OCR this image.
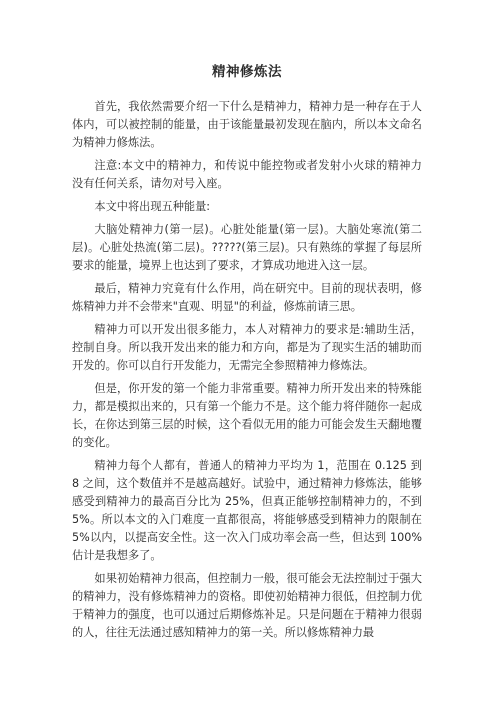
精神修炼法

首先，我依然需要介绍一下什么是精神力，精神力是一种存在于人体内，可以被控制的能量，由于该能量最初发现在脑内，所以本文命名为精神力修炼法。

注意:本文中的精神力，和传说中能控物或者发射小火球的精神力没有任何关系，请勿对号入座。

本文中将出现五种能量:

大脑处精神力(第一层)。心脏处能量(第一层)。大脑处寒流(第二层)。心脏处热流(第二层)。?????(第三层)。只有熟练的掌握了每层所要求的能量，境界上也达到了要求，才算成功地进入这一层。

最后，精神力究竟有什么作用，尚在研究中。目前的现状表明，修炼精神力并不会带来"直观、明显"的利益，修炼前请三思。

精神力可以开发出很多能力，本人对精神力的要求是:辅助生活，控制自身。所以我开发出来的能力和方向，都是为了现实生活的辅助而开发的。你可以自行开发能力，无需完全参照精神力修炼法。

但是，你开发的第一个能力非常重要。精神力所开发出来的特殊能力，都是模拟出来的，只有第一个能力不是。这个能力将伴随你一起成长，在你达到第三层的时候，这个看似无用的能力可能会发生天翻地覆的变化。

精神力每个人都有，普通人的精神力平均为 1，范围在 0.125 到 8 之间，这个数值并不是越高越好。试验中，通过精神力修炼法，能够感受到精神力的最高百分比为 25%，但真正能够控制精神力的，不到 5%。所以本文的入门难度一直都很高，将能够感受到精神力的限制在 5%以内，以提高安全性。这一次入门成功率会高一些，但达到 100% 估计是我想多了。

如果初始精神力很高，但控制力一般，很可能会无法控制过于强大的精神力，没有修炼精神力的资格。即使初始精神力很低，但控制力优于精神力的强度，也可以通过后期修炼补足。只是问题在于精神力很弱的人，往往无法通过感知精神力的第一关。所以修炼精神力最
